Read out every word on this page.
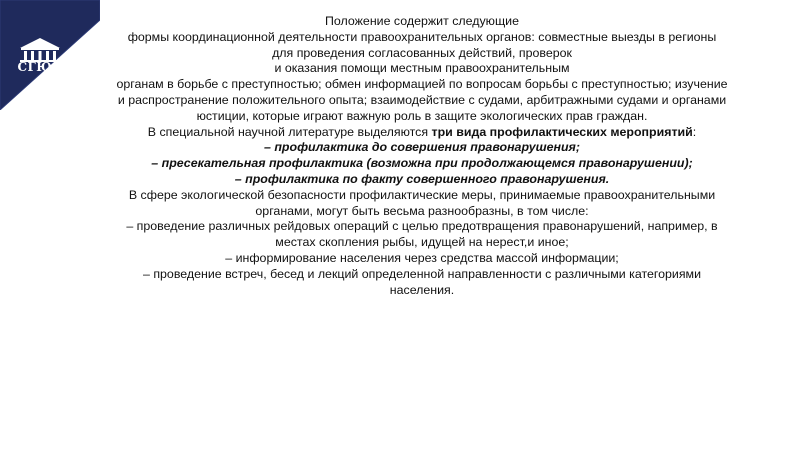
СГЮА

Положение содержит следующие

формы координационной деятельности правоохранительных органов: совместные выезды в регионы

для проведения согласованных действий, проверок

и оказания помощи местным правоохранительным

органам в борьбе с преступностью; обмен информацией по вопросам борьбы с преступностью; изучение

и распространение положительного опыта; взаимодействие с судами, арбитражными судами и органами юстиции, которые играют важную роль в защите экологических прав граждан.

В специальной научной литературе выделяются три вида профилактических мероприятий:

– профилактика до совершения правонарушения;

– пресекательная профилактика (возможна при продолжающемся правонарушении);

– профилактика по факту совершенного правонарушения.

В сфере экологической безопасности профилактические меры, принимаемые правоохранительными органами, могут быть весьма разнообразны, в том числе:

– проведение различных рейдовых операций с целью предотвращения правонарушений, например, в местах скопления рыбы, идущей на нерест,и иное;

– информирование населения через средства массой информации;

– проведение встреч, бесед и лекций определенной направленности с различными категориями

населения.
